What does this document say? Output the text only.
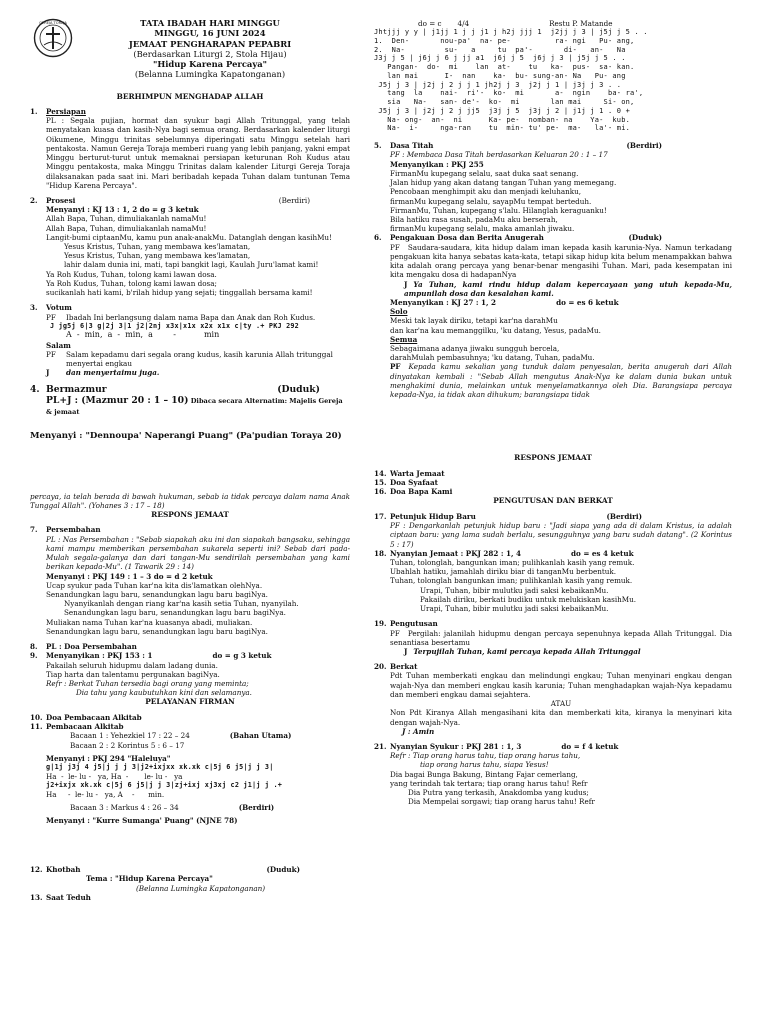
GEREJA TORAJA	TATA IBADAH HARI MINGGU
MINGGU, 16 JUNI 2024
JEMAAT PENGHARAPAN PEPABRI
(Berdasarkan Liturgi 2, Stola Hijau)
"Hidup Karena Percaya"
(Belanna Lumingka Kapatonganan)
BERHIMPUN MENGHADAP ALLAH
1.	Persiapan

PL : Segala pujian, hormat dan syukur bagi Allah Tritunggal, yang telah menyatakan kuasa dan kasih-Nya bagi semua orang. Berdasarkan kalender liturgi Oikumene, Minggu trinitas sebelumnya diperingati satu Minggu setelah hari pentakosta. Namun Gereja Toraja memberi ruang yang lebih panjang, yakni empat Minggu berturut-turut untuk memaknai persiapan keturunan Roh Kudus atau Minggu pentakosta, maka Minggu Trinitas dalam kalender Liturgi Gereja Toraja dilaksanakan pada saat ini. Mari beribadah kepada Tuhan dalam tuntunan Tema "Hidup Karena Percaya".

2.	Prosesi	(Berdiri)
Menyanyi : KJ 13 : 1, 2 do = g 3 ketuk
Allah Bapa, Tuhan, dimuliakanlah namaMu!
Allah Bapa, Tuhan, dimuliakanlah namaMu!
Langit-bumi ciptaanMu, kamu pun anak-anakMu. Datanglah dengan kasihMu!
Yesus Kristus, Tuhan, yang membawa kes'lamatan,
Yesus Kristus, Tuhan, yang membawa kes'lamatan,
lahir dalam dunia ini, mati, tapi bangkit lagi, Kaulah Juru'lamat kami!
Ya Roh Kudus, Tuhan, tolong kami lawan dosa.
Ya Roh Kudus, Tuhan, tolong kami lawan dosa;
sucikanlah hati kami, b'rilah hidup yang sejati; tinggallah bersama kami!
3.	Votum
PF	Ibadah Ini berlangsung dalam nama Bapa dan Anak dan Roh Kudus.
J jg5j 6|3 g|2j 3|1 j2|2nj x3x|x1x x2x x1x c|ty .+ PKJ 292
A  -  min,  a  -  min,  a        -           min
Salam
PF	Salam kepadamu dari segala orang kudus, kasih karunia Allah tritunggal menyertai engkau
J	dan menyertaimu juga.
4. Bermazmur	(Duduk)
PL+J : (Mazmur 20 : 1 – 10) Dibaca secara Alternatim: Majelis Gereja & jemaat
Menyanyi : "Dennoupa' Naperangi Puang" (Pa'pudian Toraya 20)

percaya, ia telah berada di bawah hukuman, sebab ia tidak percaya dalam nama Anak Tunggal Allah". (Yohanes 3 : 17 – 18)

RESPONS JEMAAT
7.	Persembahan

PL : Nas Persembahan : "Sebab siapakah aku ini dan siapakah bangsaku, sehingga kami mampu memberikan persembahan sukarela seperti ini? Sebab dari pada-Mulah segala-galanya dan dari tangan-Mu sendirilah persembahan yang kami berikan kepada-Mu". (1 Tawarik 29 : 14)

Menyanyi : PKJ 149 : 1 – 3 do = d 2 ketuk
Ucap syukur pada Tuhan kar'na kita dis'lamatkan olehNya.
Senandungkan lagu baru, senandungkan lagu baru bagiNya.
Nyanyikanlah dengan riang kar'na kasih setia Tuhan, nyanyilah.
Senandungkan lagu baru, senandungkan lagu baru bagiNya.
Muliakan nama Tuhan kar'na kuasanya abadi, muliakan.
Senandungkan lagu baru, senandungkan lagu baru bagiNya.
8.	PL : Doa Persembahan
9.	Menyanyikan : PKJ 153 : 1	do = g 3 ketuk
Pakailah seluruh hidupmu dalam ladang dunia.
Tiap harta dan talentamu pergunakan bagiNya.
Refr : Berkat Tuhan tersedia bagi orang yang meminta;
Dia tahu yang kaubutuhkan kini dan selamanya.
PELAYANAN FIRMAN
10. Doa Pembacaan Alkitab
11. Pembacaan Alkitab
Bacaan 1 : Yehezkiel 17 : 22 – 24	(Bahan Utama)
Bacaan 2 : 2 Korintus 5 : 6 – 17
Menyanyi : PKJ 294 "Haleluya"
g|1j j3j 4 j5|j j j 3|j2+ixjxx xk.xk c|5j 6 j5|j j 3|
Ha  -  le- lu -   ya, Ha  -       le- lu -   ya
j2+ixjx xk.xk c|5j 6 j5|j j 3|zj+ixj xj3xj c2 j1|j j .+
Ha     -  le- lu -   ya, A    -      min.
Bacaan 3 : Markus 4 : 26 – 34	(Berdiri)
Menyanyi : "Kurre Sumanga' Puang" (NJNE 78)
12. Khotbah	(Duduk)
Tema : "Hidup Karena Percaya"
(Belanna Lumingka Kapatonganan)
13. Saat Teduh
do = c       4/4	Restu P. Matande
Jhtjjj y y | j1jj 1 j j j1 j h2j jjj 1  j2jj j 3 | j5j j 5 . .
1.  Den-       nou-pa'  na- pe-          ra- ngi   Pu- ang,
2.  Na-         su-   a     tu  pa'-       di-   an-   Na
J3j j 5 | j6j j 6 j jj a1  j6j j 5  j6j j 3 | j5j j 5 . .
Pangan-  do-  mi    lan  at-    tu   ka-  pus-  sa- kan.
lan mai      I-  nan    ka-  bu- sung-an- Na   Pu- ang
J5j j 3 | j2j j 2 j j 1 jh2j j 3  j2j j 1 | j3j j 3 . .
tang  la    nai-  ri'-  ko-  mi       a-  ngin    ba- ra',
sia   Na-   san- de'-  ko-  mi       lan mai     Si- on,
J5j j 3 | j2j j 2 j jj5  j3j j 5  j3j j 2 | j1j j 1 . 0 +
Na- ong-  an-  ni      Ka- pe-  nomban- na    Ya-  kub.
Na-  i-     nga-ran    tu  min- tu' pe-  ma-   la'- mi.
5.	Dasa Titah	(Berdiri)
PF : Membaca Dasa Titah berdasarkan Keluaran 20 : 1 – 17
Menyanyikan : PKJ 255
FirmanMu kupegang selalu, saat duka saat senang.
Jalan hidup yang akan datang tangan Tuhan yang memegang.
Pencobaan menghimpit aku dan menjadi keluhanku,
firmanMu kupegang selalu, sayapMu tempat berteduh.
FirmanMu, Tuhan, kupegang s'lalu. Hilanglah keraguanku!
Bila hatiku rasa susah, padaMu aku berserah,
firmanMu kupegang selalu, maka amanlah jiwaku.
6.	Pengakuan Dosa dan Berita Anugerah	(Duduk)

PF Saudara-saudara, kita hidup dalam iman kepada kasih karunia-Nya. Namun terkadang pengakuan kita hanya sebatas kata-kata, tetapi sikap hidup kita belum menampakkan bahwa kita adalah orang percaya yang benar-benar mengasihi Tuhan. Mari, pada kesempatan ini kita mengaku dosa di hadapanNya

J Ya Tuhan, kami rindu hidup dalam kepercayaan yang utuh kepada-Mu, ampunilah dosa dan kesalahan kami.

Menyanyikan : KJ 27 : 1, 2	do = es 6 ketuk
Solo
Meski tak layak diriku, tetapi kar'na darahMu
dan kar'na kau memanggilku, 'ku datang, Yesus, padaMu.
Semua
Sebagaimana adanya jiwaku sungguh bercela,
darahMulah pembasuhnya; 'ku datang, Tuhan, padaMu.

PF Kepada kamu sekalian yang tunduk dalam penyesalan, berita anugerah dari Allah dinyatakan kembali : "Sebab Allah mengutus Anak-Nya ke dalam dunia bukan untuk menghakimi dunia, melainkan untuk menyelamatkannya oleh Dia. Barangsiapa percaya kepada-Nya, ia tidak akan dihukum; barangsiapa tidak

RESPONS JEMAAT
14. Warta Jemaat
15. Doa Syafaat
16. Doa Bapa Kami
PENGUTUSAN DAN BERKAT
17. Petunjuk Hidup Baru	(Berdiri)

PF : Dengarkanlah petunjuk hidup baru : "Jadi siapa yang ada di dalam Kristus, ia adalah ciptaan baru: yang lama sudah berlalu, sesungguhnya yang baru sudah datang". (2 Korintus 5 : 17)

18. Nyanyian Jemaat : PKJ 282 : 1, 4	do = es 4 ketuk
Tuhan, tolonglah, bangunkan iman; pulihkanlah kasih yang remuk.
Ubahlah hatiku, jamahlah diriku biar di tanganMu berbentuk.
Tuhan, tolonglah bangunkan iman; pulihkanlah kasih yang remuk.
Urapi, Tuhan, bibir mulutku jadi saksi kebaikanMu.
Pakailah diriku, berkati budiku untuk melukiskan kasihMu.
Urapi, Tuhan, bibir mulutku jadi saksi kebaikanMu.
19. Pengutusan

PF Pergilah: jalanilah hidupmu dengan percaya sepenuhnya kepada Allah Tritunggal. Dia senantiasa besertamu

J Terpujilah Tuhan, kami percaya kepada Allah Tritunggal

20. Berkat

Pdt Tuhan memberkati engkau dan melindungi engkau; Tuhan menyinari engkau dengan wajah-Nya dan memberi engkau kasih karunia; Tuhan menghadapkan wajah-Nya kepadamu dan memberi engkau damai sejahtera.

ATAU

Non Pdt Kiranya Allah mengasihani kita dan memberkati kita, kiranya la menyinari kita dengan wajah-Nya.

J : Amin
21. Nyanyian Syukur : PKJ 281 : 1, 3	do = f 4 ketuk
Refr : Tiap orang harus tahu, tiap orang harus tahu,
tiap orang harus tahu, siapa Yesus!
Dia bagai Bunga Bakung, Bintang Fajar cemerlang,
yang terindah tak tertara; tiap orang harus tahu! Refr
Dia Putra yang terkasih, Anakdomba yang kudus;
Dia Mempelai sorgawi; tiap orang harus tahu! Refr
